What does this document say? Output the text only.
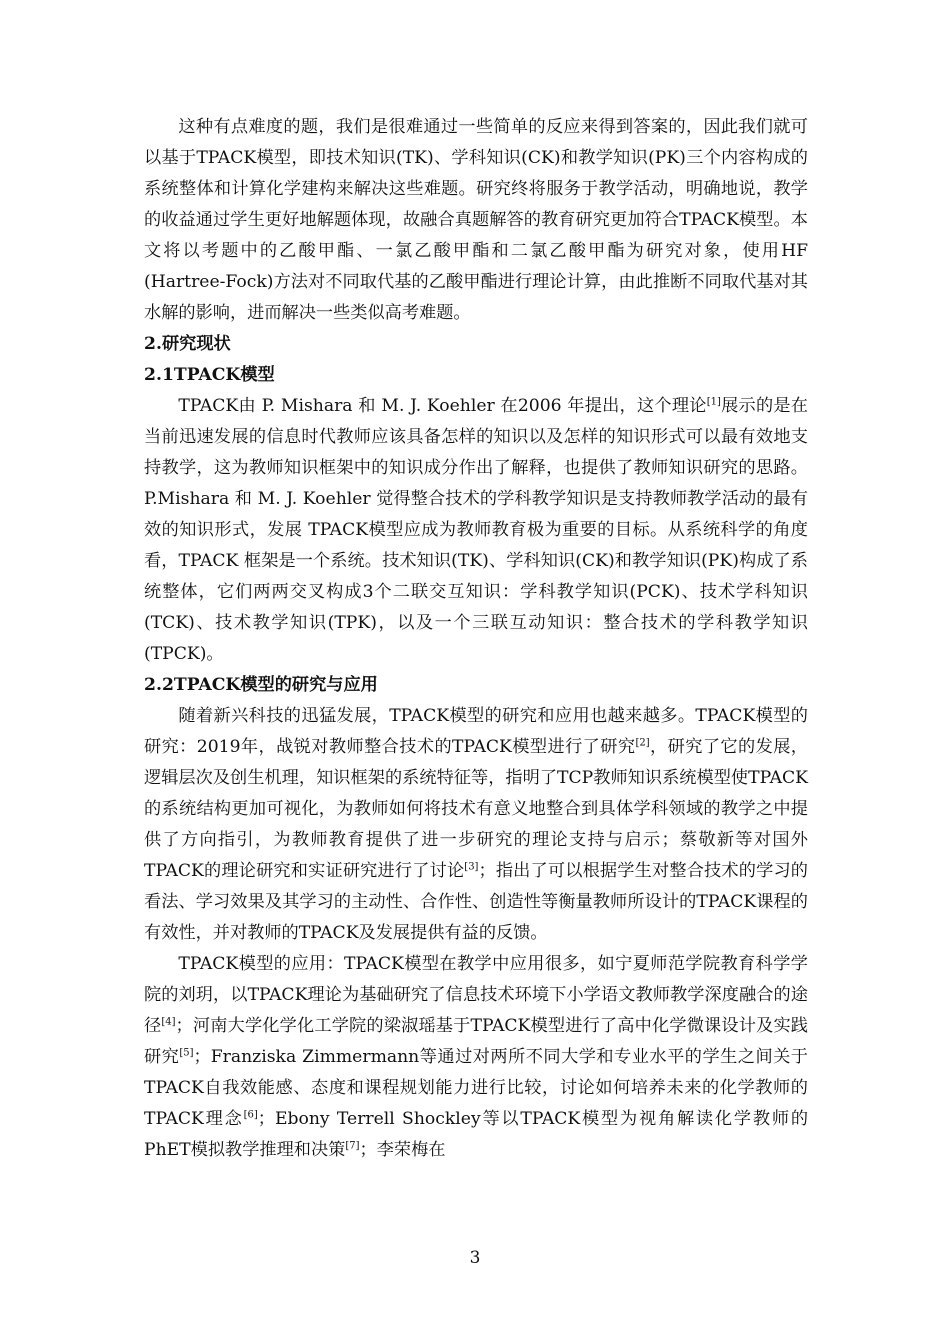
这种有点难度的题，我们是很难通过一些简单的反应来得到答案的，因此我们就可以基于TPACK模型，即技术知识(TK)、学科知识(CK)和教学知识(PK)三个内容构成的系统整体和计算化学建构来解决这些难题。研究终将服务于教学活动，明确地说，教学的收益通过学生更好地解题体现，故融合真题解答的教育研究更加符合TPACK模型。本文将以考题中的乙酸甲酯、一氯乙酸甲酯和二氯乙酸甲酯为研究对象，使用HF (Hartree-Fock)方法对不同取代基的乙酸甲酯进行理论计算，由此推断不同取代基对其水解的影响，进而解决一些类似高考难题。

2.研究现状

2.1TPACK模型

TPACK由 P. Mishara 和 M. J. Koehler 在2006 年提出，这个理论[1]展示的是在当前迅速发展的信息时代教师应该具备怎样的知识以及怎样的知识形式可以最有效地支持教学，这为教师知识框架中的知识成分作出了解释，也提供了教师知识研究的思路。P.Mishara 和 M. J. Koehler 觉得整合技术的学科教学知识是支持教师教学活动的最有效的知识形式，发展 TPACK模型应成为教师教育极为重要的目标。从系统科学的角度看，TPACK 框架是一个系统。技术知识(TK)、学科知识(CK)和教学知识(PK)构成了系统整体，它们两两交叉构成3个二联交互知识：学科教学知识(PCK)、技术学科知识(TCK)、技术教学知识(TPK)，以及一个三联互动知识：整合技术的学科教学知识(TPCK)。

2.2TPACK模型的研究与应用

随着新兴科技的迅猛发展，TPACK模型的研究和应用也越来越多。TPACK模型的研究：2019年，战锐对教师整合技术的TPACK模型进行了研究[2]，研究了它的发展，逻辑层次及创生机理，知识框架的系统特征等，指明了TCP教师知识系统模型使TPACK的系统结构更加可视化，为教师如何将技术有意义地整合到具体学科领域的教学之中提供了方向指引，为教师教育提供了进一步研究的理论支持与启示；蔡敬新等对国外TPACK的理论研究和实证研究进行了讨论[3]；指出了可以根据学生对整合技术的学习的看法、学习效果及其学习的主动性、合作性、创造性等衡量教师所设计的TPACK课程的有效性，并对教师的TPACK及发展提供有益的反馈。

TPACK模型的应用：TPACK模型在教学中应用很多，如宁夏师范学院教育科学学院的刘玥，以TPACK理论为基础研究了信息技术环境下小学语文教师教学深度融合的途径[4]；河南大学化学化工学院的梁淑瑶基于TPACK模型进行了高中化学微课设计及实践研究[5]；Franziska Zimmermann等通过对两所不同大学和专业水平的学生之间关于TPACK自我效能感、态度和课程规划能力进行比较，讨论如何培养未来的化学教师的TPACK理念[6]；Ebony Terrell Shockley等以TPACK模型为视角解读化学教师的PhET模拟教学推理和决策[7]；李荣梅在

3
